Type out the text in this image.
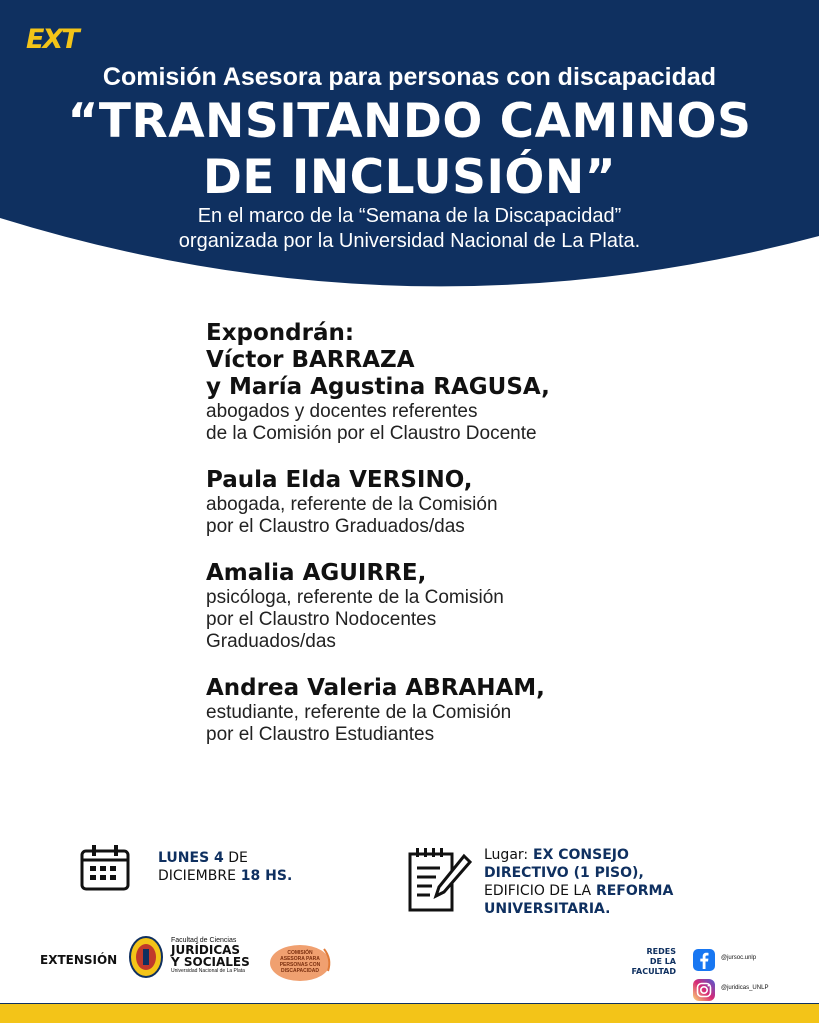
EXT
Comisión Asesora para personas con discapacidad
“TRANSITANDO CAMINOS
DE INCLUSIÓN”
En el marco de la “Semana de la Discapacidad”
organizada por la Universidad Nacional de La Plata.
Expondrán:
Víctor BARRAZA
y María Agustina RAGUSA,
abogados y docentes referentes
de la Comisión por el Claustro Docente
Paula Elda VERSINO,
abogada, referente de la Comisión
por el Claustro Graduados/das
Amalia AGUIRRE,
psicóloga, referente de la Comisión
por el Claustro Nodocentes
Graduados/das
Andrea Valeria ABRAHAM,
estudiante, referente de la Comisión
por el Claustro Estudiantes
LUNES 4 DE
DICIEMBRE 18 HS.
Lugar: EX CONSEJO
DIRECTIVO (1 PISO),
EDIFICIO DE LA REFORMA
UNIVERSITARIA.
EXTENSIÓN
Facultad de Ciencias
JURÍDICAS
Y SOCIALES
Universidad Nacional de La Plata
COMISIÓN
ASESORA PARA
PERSONAS CON
DISCAPACIDAD
REDES
DE LA
FACULTAD
@jursoc.unlp
@juridicas_UNLP
